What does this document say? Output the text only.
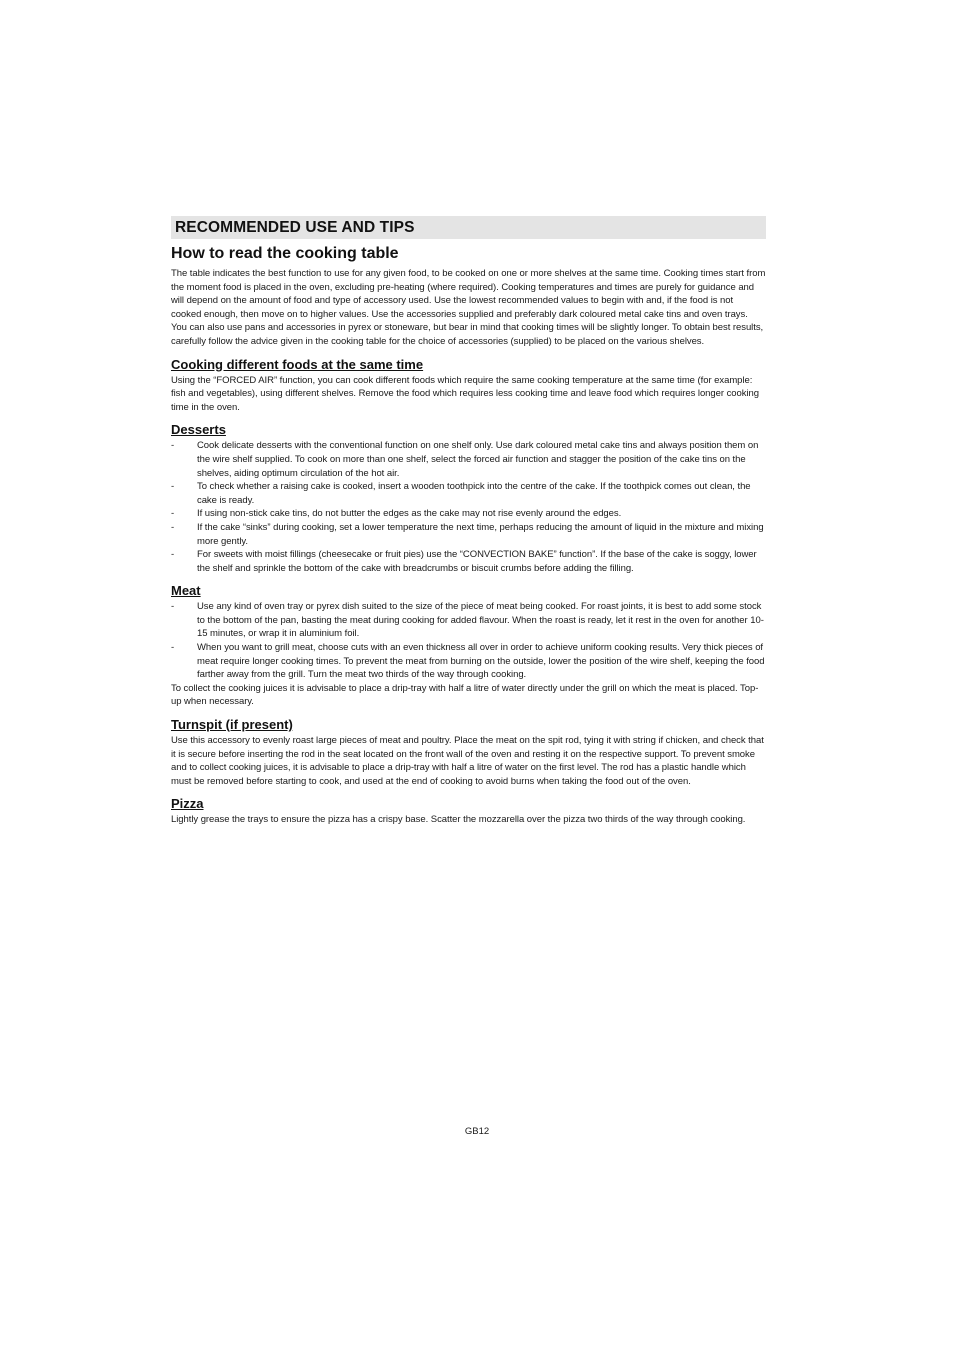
RECOMMENDED USE AND TIPS
How to read the cooking table

The table indicates the best function to use for any given food, to be cooked on one or more shelves at the same time. Cooking times start from the moment food is placed in the oven, excluding pre-heating (where required). Cooking temperatures and times are purely for guidance and will depend on the amount of food and type of accessory used. Use the lowest recommended values to begin with and, if the food is not cooked enough, then move on to higher values. Use the accessories supplied and preferably dark coloured metal cake tins and oven trays. You can also use pans and accessories in pyrex or stoneware, but bear in mind that cooking times will be slightly longer. To obtain best results, carefully follow the advice given in the cooking table for the choice of accessories (supplied) to be placed on the various shelves.

Cooking different foods at the same time

Using the “FORCED AIR” function, you can cook different foods which require the same cooking temperature at the same time (for example: fish and vegetables), using different shelves. Remove the food which requires less cooking time and leave food which requires longer cooking time in the oven.

Desserts
- Cook delicate desserts with the conventional function on one shelf only. Use dark coloured metal cake tins and always position them on the wire shelf supplied. To cook on more than one shelf, select the forced air function and stagger the position of the cake tins on the shelves, aiding optimum circulation of the hot air.
- To check whether a raising cake is cooked, insert a wooden toothpick into the centre of the cake. If the toothpick comes out clean, the cake is ready.
- If using non-stick cake tins, do not butter the edges as the cake may not rise evenly around the edges.
- If the cake “sinks” during cooking, set a lower temperature the next time, perhaps reducing the amount of liquid in the mixture and mixing more gently.
- For sweets with moist fillings (cheesecake or fruit pies) use the “CONVECTION BAKE” function”. If the base of the cake is soggy, lower the shelf and sprinkle the bottom of the cake with breadcrumbs or biscuit crumbs before adding the filling.
Meat
- Use any kind of oven tray or pyrex dish suited to the size of the piece of meat being cooked. For roast joints, it is best to add some stock to the bottom of the pan, basting the meat during cooking for added flavour. When the roast is ready, let it rest in the oven for another 10-15 minutes, or wrap it in aluminium foil.
- When you want to grill meat, choose cuts with an even thickness all over in order to achieve uniform cooking results. Very thick pieces of meat require longer cooking times. To prevent the meat from burning on the outside, lower the position of the wire shelf, keeping the food farther away from the grill. Turn the meat two thirds of the way through cooking.

To collect the cooking juices it is advisable to place a drip-tray with half a litre of water directly under the grill on which the meat is placed. Top-up when necessary.

Turnspit (if present)

Use this accessory to evenly roast large pieces of meat and poultry. Place the meat on the spit rod, tying it with string if chicken, and check that it is secure before inserting the rod in the seat located on the front wall of the oven and resting it on the respective support. To prevent smoke and to collect cooking juices, it is advisable to place a drip-tray with half a litre of water on the first level. The rod has a plastic handle which must be removed before starting to cook, and used at the end of cooking to avoid burns when taking the food out of the oven.

Pizza

Lightly grease the trays to ensure the pizza has a crispy base. Scatter the mozzarella over the pizza two thirds of the way through cooking.

GB12
